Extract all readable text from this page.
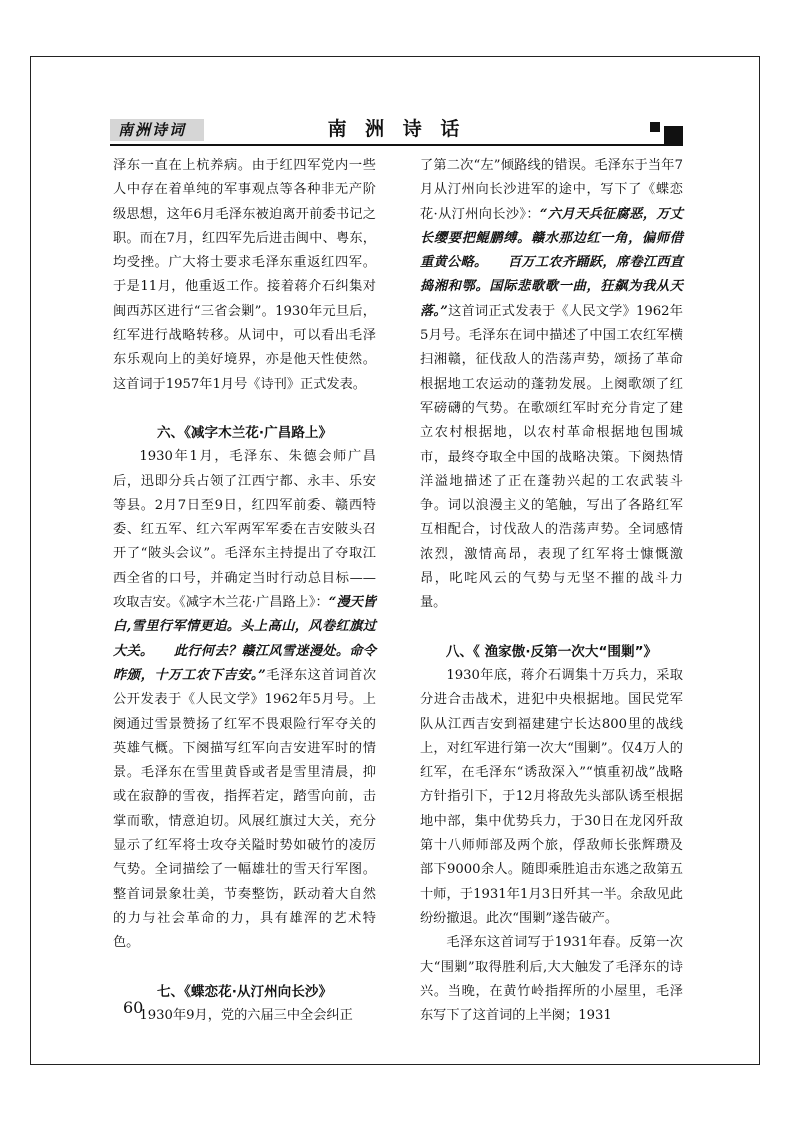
南洲诗词	南 洲 诗 话

泽东一直在上杭养病。由于红四军党内一些人中存在着单纯的军事观点等各种非无产阶级思想，这年6月毛泽东被迫离开前委书记之职。而在7月，红四军先后进击闽中、粤东，均受挫。广大将士要求毛泽东重返红四军。于是11月，他重返工作。接着蒋介石纠集对闽西苏区进行“三省会剿”。1930年元旦后，红军进行战略转移。从词中，可以看出毛泽东乐观向上的美好境界，亦是他天性使然。这首词于1957年1月号《诗刊》正式发表。

六、《减字木兰花·广昌路上》

1930年1月，毛泽东、朱德会师广昌后，迅即分兵占领了江西宁都、永丰、乐安等县。2月7日至9日，红四军前委、赣西特委、红五军、红六军两军军委在吉安陂头召开了“陂头会议”。毛泽东主持提出了夺取江西全省的口号，并确定当时行动总目标——攻取吉安。《减字木兰花·广昌路上》：“漫天皆白,雪里行军情更迫。头上高山，风卷红旗过大关。　　此行何去？赣江风雪迷漫处。命令昨颁，十万工农下吉安。”毛泽东这首词首次公开发表于《人民文学》1962年5月号。上阕通过雪景赞扬了红军不畏艰险行军夺关的英雄气概。下阕描写红军向吉安进军时的情景。毛泽东在雪里黄昏或者是雪里清晨，抑或在寂静的雪夜，指挥若定，踏雪向前，击掌而歌，情意迫切。风展红旗过大关，充分显示了红军将士攻夺关隘时势如破竹的凌厉气势。全词描绘了一幅雄壮的雪天行军图。整首词景象壮美，节奏整饬，跃动着大自然的力与社会革命的力，具有雄浑的艺术特色。

七、《蝶恋花·从汀州向长沙》

1930年9月，党的六届三中全会纠正

了第二次“左”倾路线的错误。毛泽东于当年7月从汀州向长沙进军的途中，写下了《蝶恋花·从汀州向长沙》：“六月天兵征腐恶，万丈长缨要把鲲鹏缚。赣水那边红一角，偏师借重黄公略。　　百万工农齐踊跃，席卷江西直捣湘和鄂。国际悲歌歌一曲，狂飙为我从天落。”这首词正式发表于《人民文学》1962年5月号。毛泽东在词中描述了中国工农红军横扫湘赣，征伐敌人的浩荡声势，颂扬了革命根据地工农运动的蓬勃发展。上阕歌颂了红军磅礴的气势。在歌颂红军时充分肯定了建立农村根据地，以农村革命根据地包围城市，最终夺取全中国的战略决策。下阕热情洋溢地描述了正在蓬勃兴起的工农武装斗争。词以浪漫主义的笔触，写出了各路红军互相配合，讨伐敌人的浩荡声势。全词感情浓烈，激情高昂，表现了红军将士慷慨激昂，叱咤风云的气势与无坚不摧的战斗力量。

八、《 渔家傲·反第一次大“围剿”》

1930年底，蒋介石调集十万兵力，采取分进合击战术，进犯中央根据地。国民党军队从江西吉安到福建建宁长达800里的战线上，对红军进行第一次大“围剿”。仅4万人的红军，在毛泽东“诱敌深入”“慎重初战”战略方针指引下，于12月将敌先头部队诱至根据地中部，集中优势兵力，于30日在龙冈歼敌第十八师师部及两个旅，俘敌师长张辉瓒及部下9000余人。随即乘胜追击东逃之敌第五十师，于1931年1月3日歼其一半。余敌见此纷纷撤退。此次“围剿”遂告破产。

毛泽东这首词写于1931年春。反第一次大“围剿”取得胜利后,大大触发了毛泽东的诗兴。当晚，在黄竹岭指挥所的小屋里，毛泽东写下了这首词的上半阕；1931

60
